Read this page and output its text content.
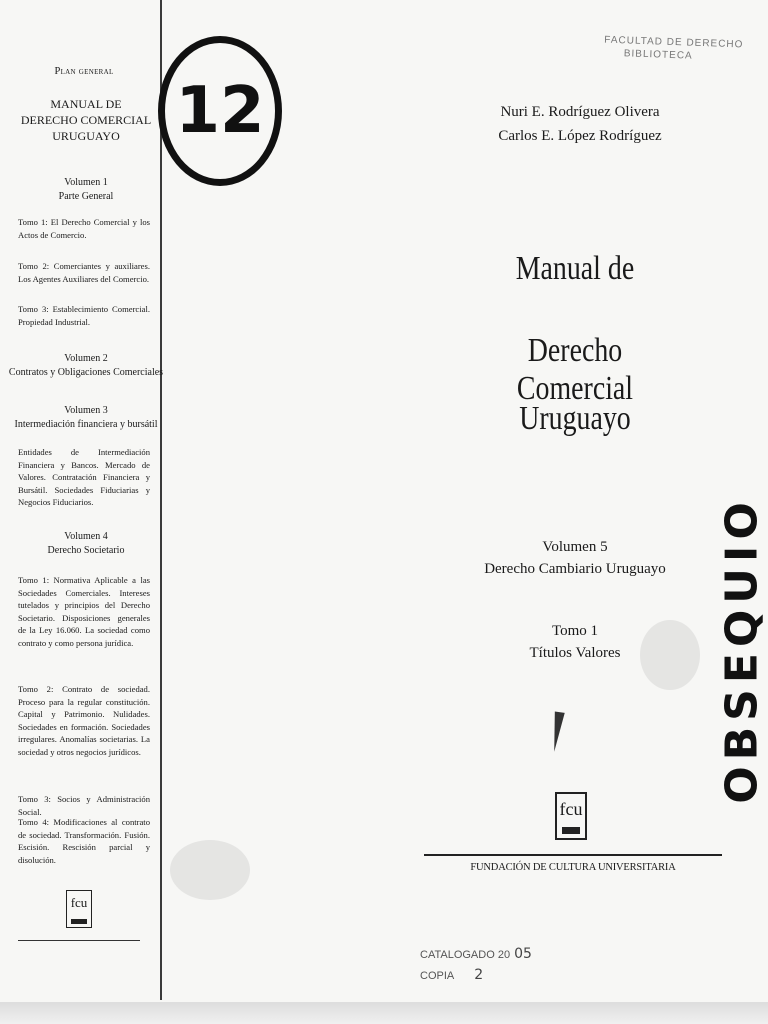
Plan general
MANUAL DE
DERECHO COMERCIAL
URUGUAYO
Volumen 1
Parte General
Tomo 1: El Derecho Comercial y los Actos de Comercio.
Tomo 2: Comerciantes y auxiliares. Los Agentes Auxiliares del Comercio.
Tomo 3: Establecimiento Comercial. Propiedad Industrial.
Volumen 2
Contratos y Obligaciones Comerciales
Volumen 3
Intermediación financiera y bursátil
Entidades de Intermediación Financiera y Bancos. Mercado de Valores. Contratación Financiera y Bursátil. Sociedades Fiduciarias y Negocios Fiduciarios.
Volumen 4
Derecho Societario
Tomo 1: Normativa Aplicable a las Sociedades Comerciales. Intereses tutelados y principios del Derecho Societario. Disposiciones generales de la Ley 16.060. La sociedad como contrato y como persona jurídica.
Tomo 2: Contrato de sociedad. Proceso para la regular constitución. Capital y Patrimonio. Nulidades. Sociedades en formación. Sociedades irregulares. Anomalías societarias. La sociedad y otros negocios jurídicos.
Tomo 3: Socios y Administración Social.
Tomo 4: Modificaciones al contrato de sociedad. Transformación. Fusión. Escisión. Rescisión parcial y disolución.
fcu
12
FACULTAD DE DERECHO
BIBLIOTECA
Nuri E. Rodríguez Olivera
Carlos E. López Rodríguez
Manual de
Derecho Comercial
Uruguayo
Volumen 5
Derecho Cambiario Uruguayo
Tomo 1
Títulos Valores
fcu
FUNDACIÓN DE CULTURA UNIVERSITARIA
OBSEQUIO
CATALOGADO 20 05
COPIA 2
